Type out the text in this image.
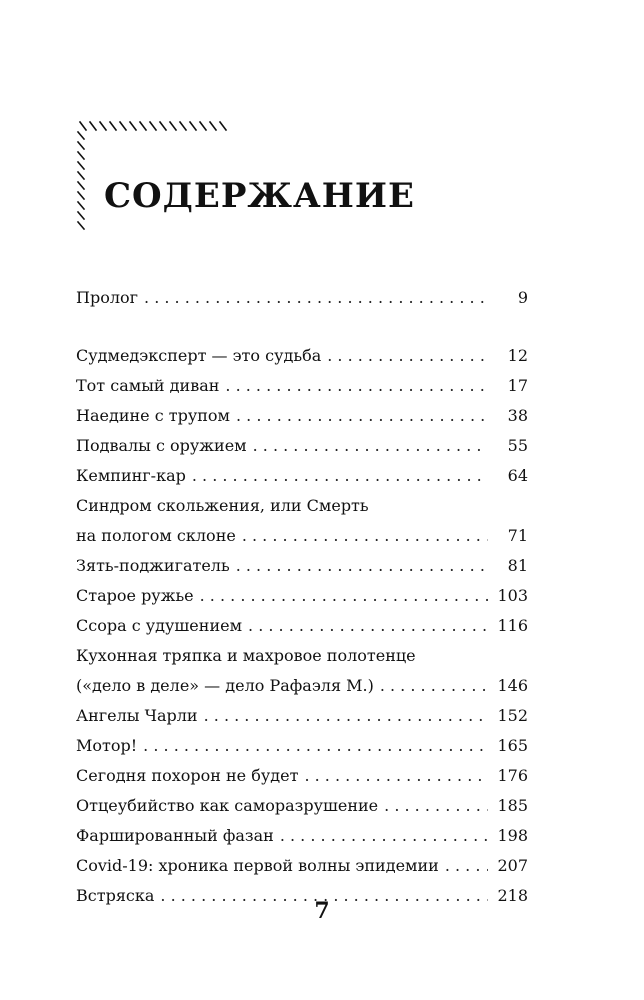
СОДЕРЖАНИЕ
Пролог . . .	9
Судмедэксперт — это судьба . . .	12
Тот самый диван . . .	17
Наедине с трупом . . .	38
Подвалы с оружием . . .	55
Кемпинг-кар . . .	64
Синдром скольжения, или Смерть
на пологом склоне . . .	71
Зять-поджигатель . . .	81
Старое ружье . . .	103
Ссора с удушением . . .	116
Кухонная тряпка и махровое полотенце
(«дело в деле» — дело Рафаэля М.) . . .	146
Ангелы Чарли . . .	152
Мотор! . . .	165
Сегодня похорон не будет . . .	176
Отцеубийство как саморазрушение . . .	185
Фаршированный фазан . . .	198
Covid-19: хроника первой волны эпидемии . . .	207
Встряска . . .	218
7
